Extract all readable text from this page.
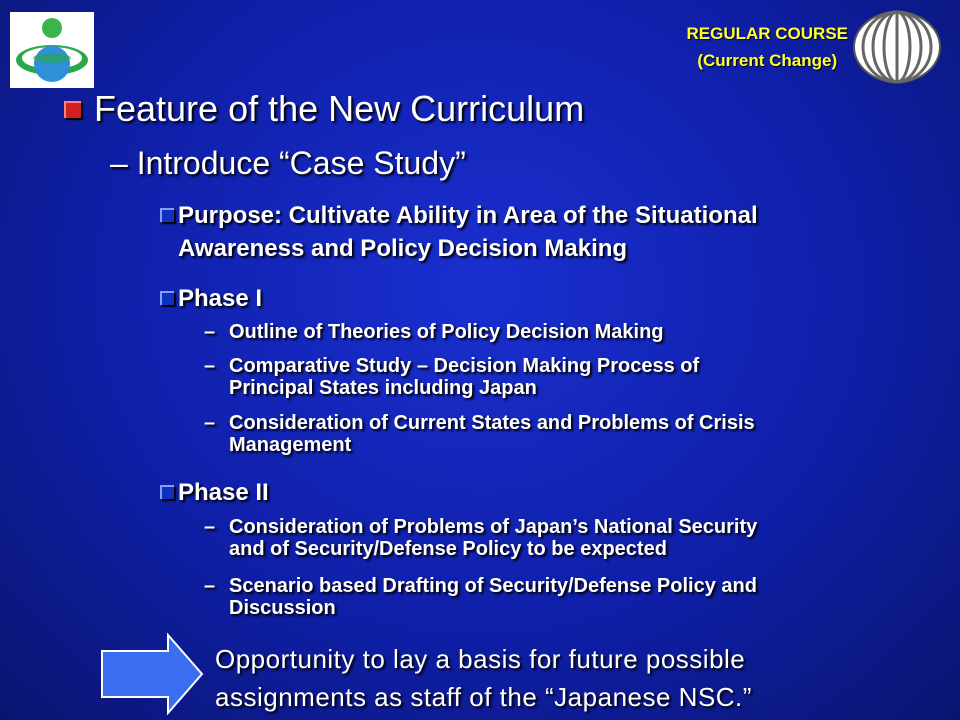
REGULAR COURSE
(Current Change)
Feature of the New Curriculum
– Introduce “Case Study”
Purpose: Cultivate Ability in Area of the Situational
Awareness and Policy Decision Making
Phase I
– Outline of Theories of Policy Decision Making
– Comparative Study – Decision Making Process of
Principal States including Japan
– Consideration of Current States and Problems of Crisis
Management
Phase II
– Consideration of Problems of Japan’s National Security
and of Security/Defense Policy to be expected
– Scenario based Drafting of Security/Defense Policy and
Discussion
Opportunity to lay a basis for future possible
assignments as staff of the “Japanese NSC.”
